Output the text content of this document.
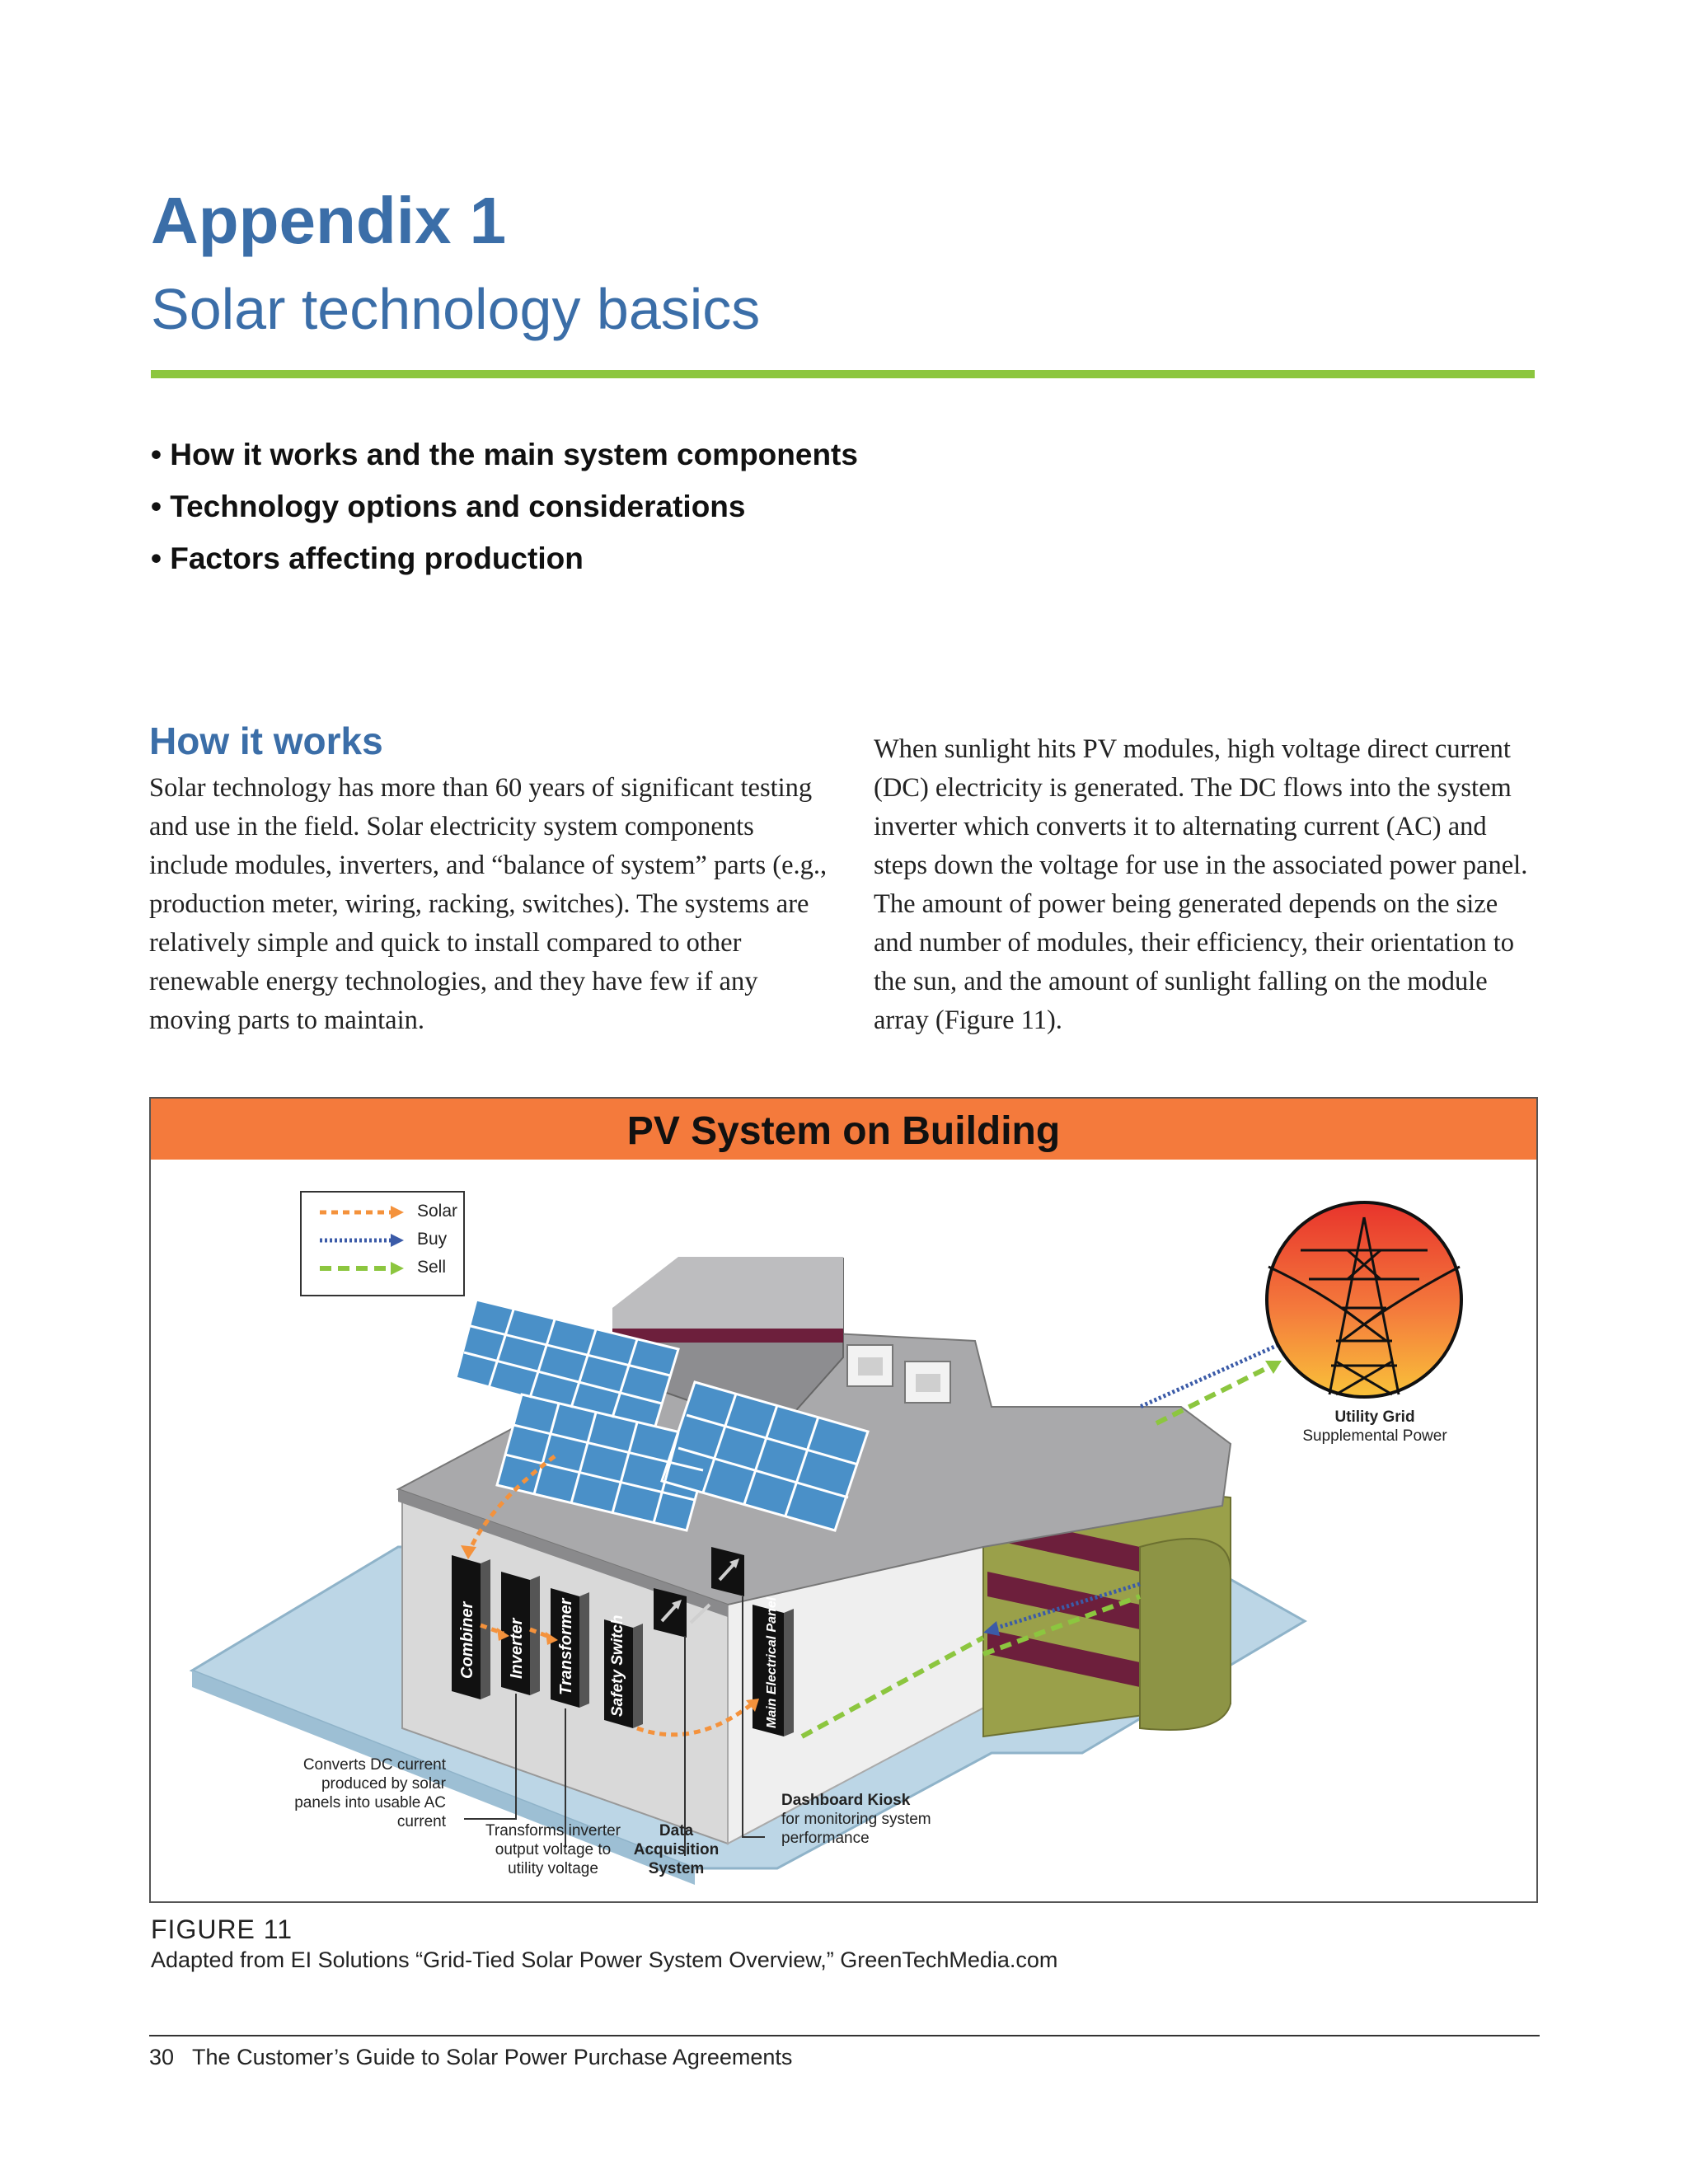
Appendix 1
Solar technology basics
• How it works and the main system components
• Technology options and considerations
• Factors affecting production
How it works

Solar technology has more than 60 years of significant testing and use in the field. Solar electricity system components include modules, inverters, and “balance of system” parts (e.g., production meter, wiring, racking, switches). The systems are relatively simple and quick to install compared to other renewable energy technologies, and they have few if any moving parts to maintain.

When sunlight hits PV modules, high voltage direct current (DC) electricity is generated. The DC flows into the system inverter which converts it to alternating current (AC) and steps down the voltage for use in the associated power panel. The amount of power being generated depends on the size and number of modules, their efficiency, their orientation to the sun, and the amount of sunlight falling on the module array (Figure 11).

PV System on Building
Combiner Inverter Transformer Safety Switch	Main Electrical Panel
Solar
Buy
Sell
Utility Grid
Supplemental Power
Converts DC current produced by solar panels into usable AC current
Transforms inverter output voltage to utility voltage
Data Acquisition System
Dashboard Kiosk
for monitoring system performance
FIGURE 11
Adapted from EI Solutions “Grid-Tied Solar Power System Overview,” GreenTechMedia.com
30 The Customer’s Guide to Solar Power Purchase Agreements
